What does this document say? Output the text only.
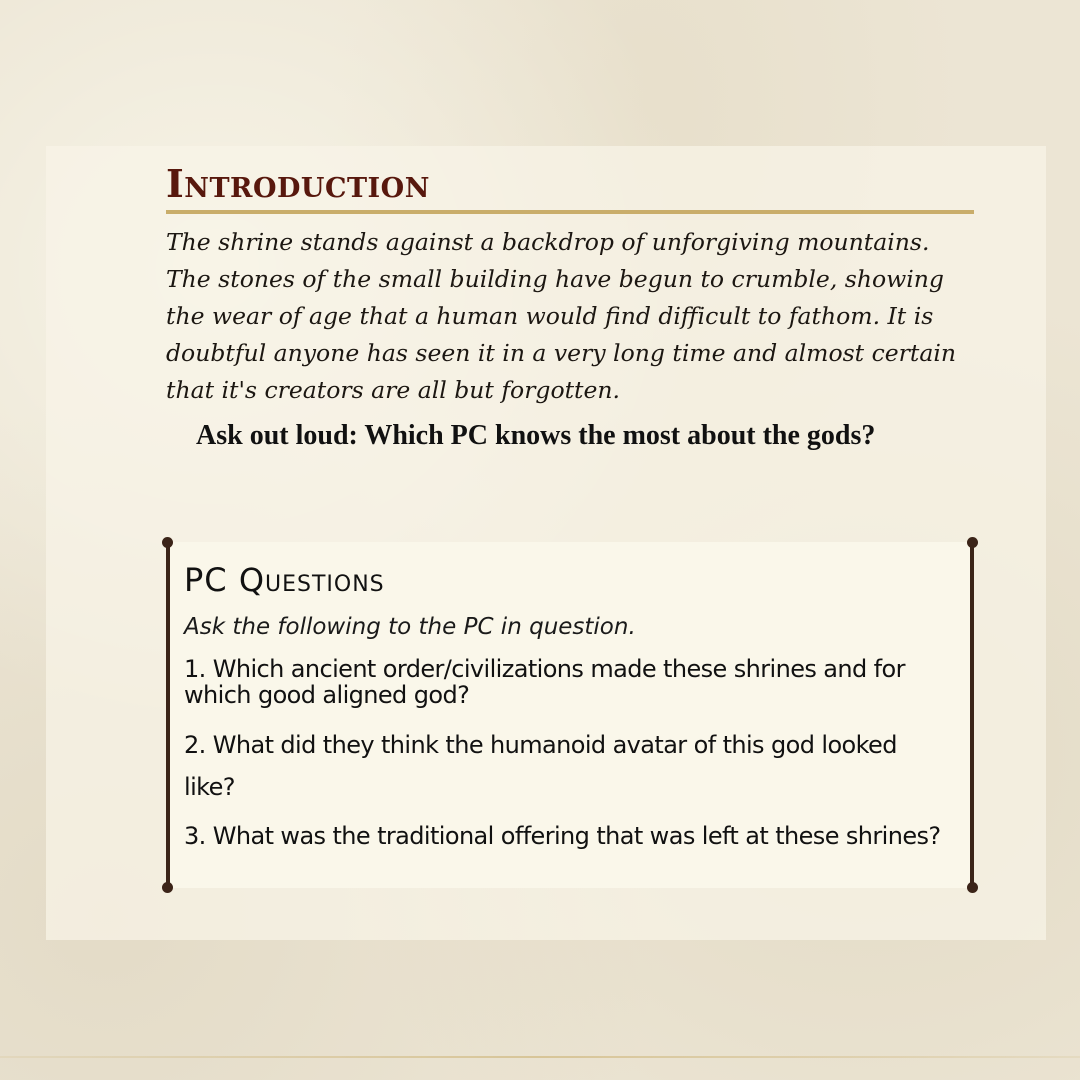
Introduction

The shrine stands against a backdrop of unforgiving mountains. The stones of the small building have begun to crumble, showing the wear of age that a human would find difficult to fathom. It is doubtful anyone has seen it in a very long time and almost certain that it's creators are all but forgotten.

Ask out loud: Which PC knows the most about the gods?

PC Questions

Ask the following to the PC in question.

1. Which ancient order/civilizations made these shrines and for which good aligned god?

2. What did they think the humanoid avatar of this god looked like?

3. What was the traditional offering that was left at these shrines?
